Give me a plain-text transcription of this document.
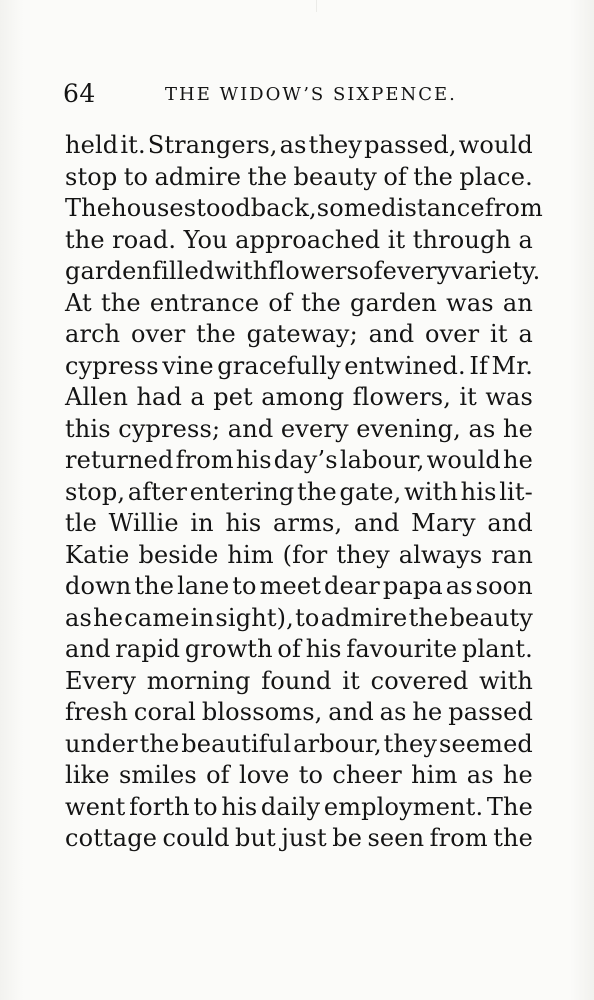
64	THE WIDOW’S SIXPENCE.
held it. Strangers, as they passed, would
stop to admire the beauty of the place.
The house stood back, some distance from
the road. You approached it through a
garden filled with flowers of every variety.
At the entrance of the garden was an
arch over the gateway; and over it a
cypress vine gracefully entwined. If Mr.
Allen had a pet among flowers, it was
this cypress; and every evening, as he
returned from his day’s labour, would he
stop, after entering the gate, with his lit-
tle Willie in his arms, and Mary and
Katie beside him (for they always ran
down the lane to meet dear papa as soon
as he came in sight), to admire the beauty
and rapid growth of his favourite plant.
Every morning found it covered with
fresh coral blossoms, and as he passed
under the beautiful arbour, they seemed
like smiles of love to cheer him as he
went forth to his daily employment. The
cottage could but just be seen from the
